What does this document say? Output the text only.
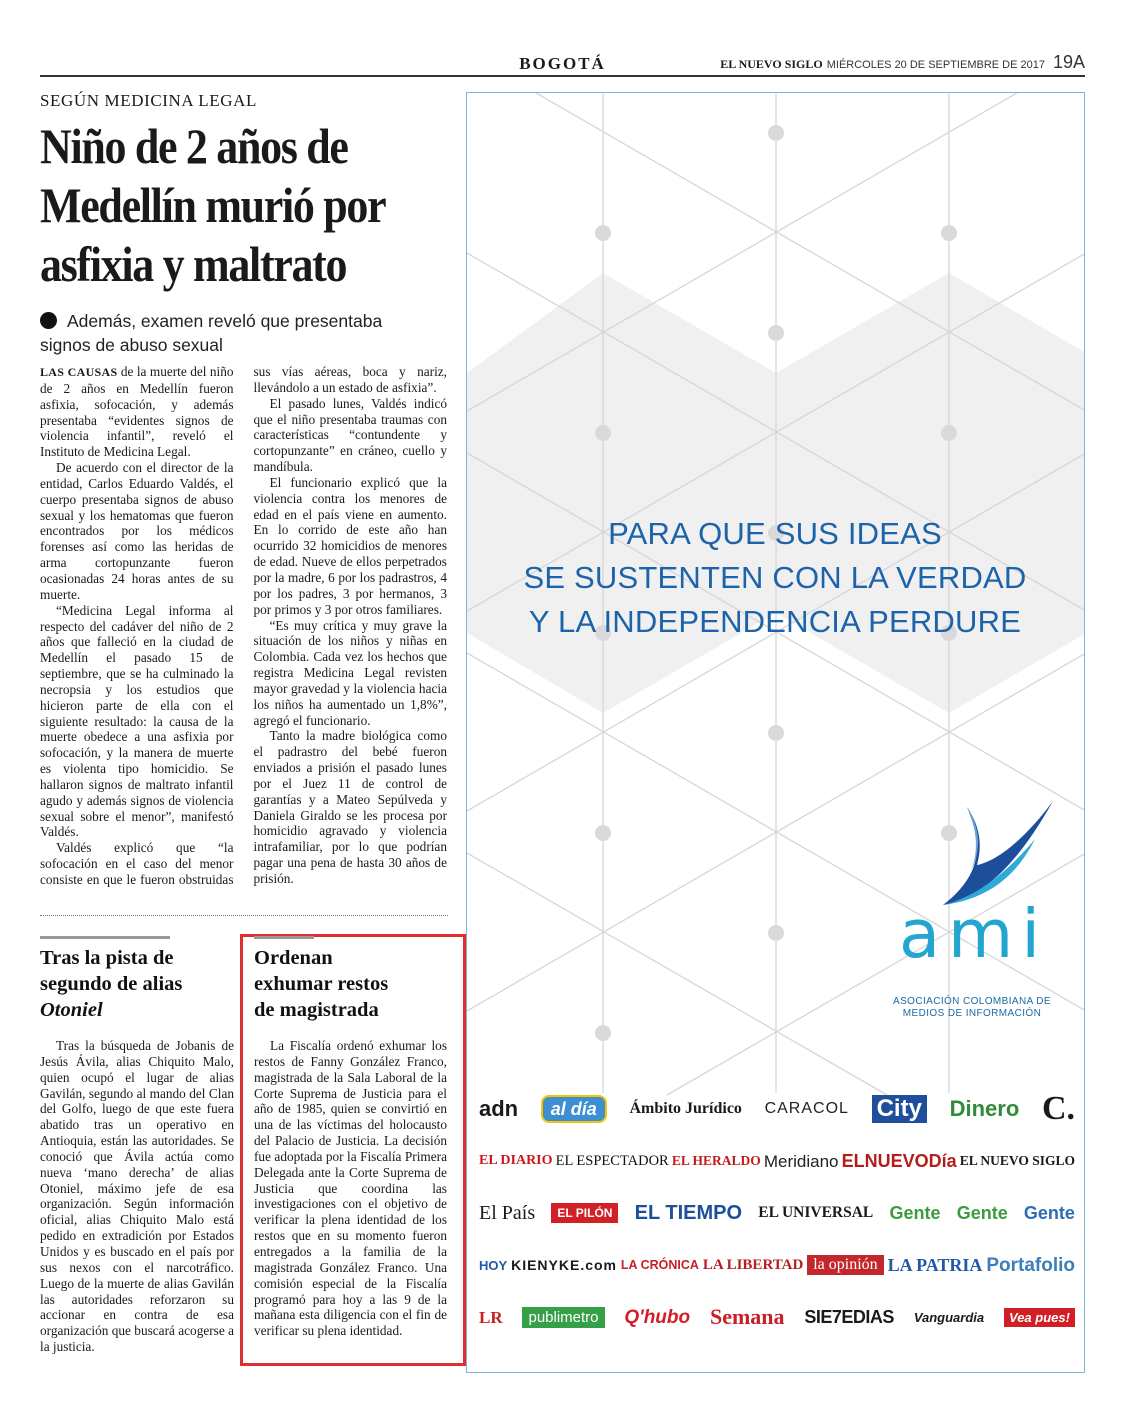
BOGOTÁ	EL NUEVO SIGLO MIÉRCOLES 20 DE SEPTIEMBRE DE 2017 19A
SEGÚN MEDICINA LEGAL
Niño de 2 años de
Medellín murió por
asfixia y maltrato
Además, examen reveló que presentaba
signos de abuso sexual

LAS CAUSAS de la muerte del niño de 2 años en Medellín fueron asfixia, sofocación, y además presentaba “evidentes signos de violencia infantil”, reveló el Instituto de Medicina Legal.

De acuerdo con el director de la entidad, Carlos Eduardo Valdés, el cuerpo presentaba signos de abuso sexual y los hematomas que fueron encontrados por los médicos forenses así como las heridas de arma cortopunzante fueron ocasionadas 24 horas antes de su muerte.

“Medicina Legal informa al respecto del cadáver del niño de 2 años que falleció en la ciudad de Medellín el pasado 15 de septiembre, que se ha culminado la necropsia y los estudios que hicieron parte de ella con el siguiente resultado: la causa de la muerte obedece a una asfixia por sofocación, y la manera de muerte es violenta tipo homicidio. Se hallaron signos de maltrato infantil agudo y además signos de violencia sexual sobre el menor”, manifestó Valdés.

Valdés explicó que “la sofocación en el caso del menor consiste en que le fueron obstruidas sus vías aéreas, boca y nariz, llevándolo a un estado de asfixia”.

El pasado lunes, Valdés indicó que el niño presentaba traumas con características “contundente y cortopunzante” en cráneo, cuello y mandíbula.

El funcionario explicó que la violencia contra los menores de edad en el país viene en aumento. En lo corrido de este año han ocurrido 32 homicidios de menores de edad. Nueve de ellos perpetrados por la madre, 6 por los padrastros, 4 por los padres, 3 por hermanos, 3 por primos y 3 por otros familiares.

“Es muy crítica y muy grave la situación de los niños y niñas en Colombia. Cada vez los hechos que registra Medicina Legal revisten mayor gravedad y la violencia hacia los niños ha aumentado un 1,8%”, agregó el funcionario.

Tanto la madre biológica como el padrastro del bebé fueron enviados a prisión el pasado lunes por el Juez 11 de control de garantías y a Mateo Sepúlveda y Daniela Giraldo se les procesa por homicidio agravado y violencia intrafamiliar, por lo que podrían pagar una pena de hasta 30 años de prisión.

Tras la pista de
segundo de alias
Otoniel

Tras la búsqueda de Jobanis de Jesús Ávila, alias Chiquito Malo, quien ocupó el lugar de alias Gavilán, segundo al mando del Clan del Golfo, luego de que este fuera abatido tras un operativo en Antioquia, están las autoridades. Se conoció que Ávila actúa como nueva ‘mano derecha’ de alias Otoniel, máximo jefe de esa organización. Según información oficial, alias Chiquito Malo está pedido en extradición por Estados Unidos y es buscado en el país por sus nexos con el narcotráfico. Luego de la muerte de alias Gavilán las autoridades reforzaron su accionar en contra de esa organización que buscará acogerse a la justicia.

Ordenan
exhumar restos
de magistrada

La Fiscalía ordenó exhumar los restos de Fanny González Franco, magistrada de la Sala Laboral de la Corte Suprema de Justicia para el año de 1985, quien se convirtió en una de las víctimas del holocausto del Palacio de Justicia. La decisión fue adoptada por la Fiscalía Primera Delegada ante la Corte Suprema de Justicia que coordina las investigaciones con el objetivo de verificar la plena identidad de los restos que en su momento fueron entregados a la familia de la magistrada González Franco. Una comisión especial de la Fiscalía programó para hoy a las 9 de la mañana esta diligencia con el fin de verificar su plena identidad.

PARA QUE SUS IDEAS
SE SUSTENTEN CON LA VERDAD
Y LA INDEPENDENCIA PERDURE
ami
ASOCIACIÓN COLOMBIANA DE
MEDIOS DE INFORMACIÓN
adn	al día	Ámbito Jurídico CARACOL City Dinero C.
EL DIARIO EL ESPECTADOR EL HERALDO Meridiano ELNUEVODía EL NUEVO SIGLO
El País	EL PILÓN	EL TIEMPO EL UNIVERSAL Gente Gente Gente
HOY KIENYKE.com LA CRÓNICA LA LIBERTAD la opinión LA PATRIA Portafolio
LR	publimetro	Q'hubo Semana SIE7EDIAS Vanguardia	Vea pues!
